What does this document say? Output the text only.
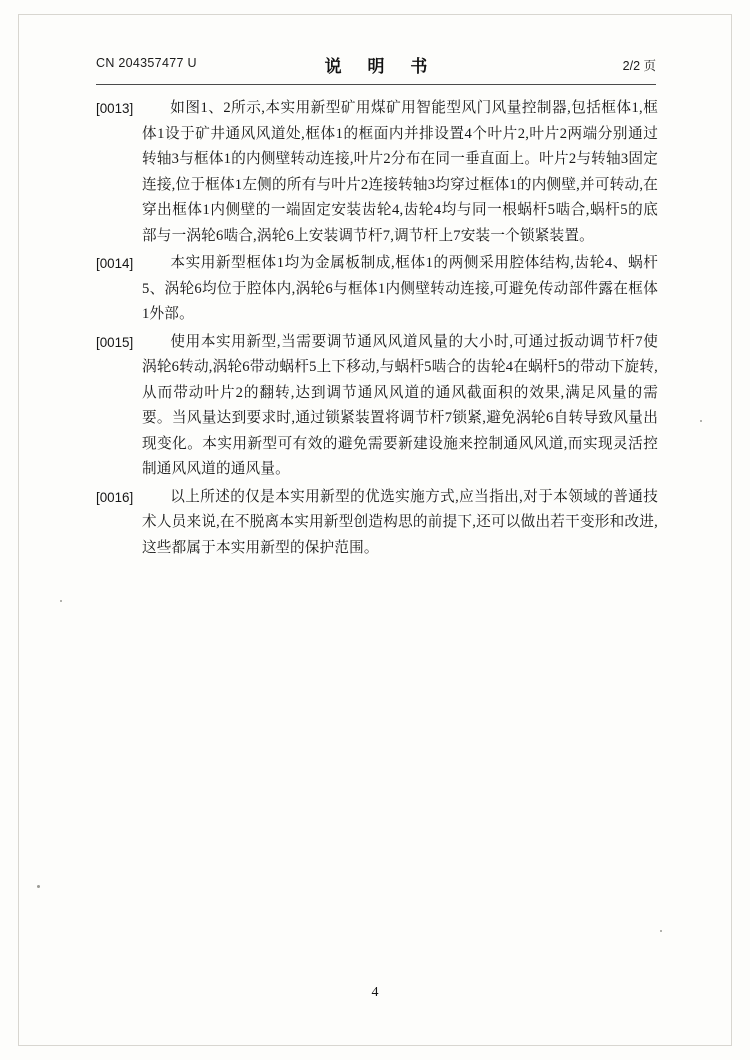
CN 204357477 U	说 明 书	2/2 页

[0013]	如图1、2所示,本实用新型矿用煤矿用智能型风门风量控制器,包括框体1,框体1设于矿井通风风道处,框体1的框面内并排设置4个叶片2,叶片2两端分别通过转轴3与框体1的内侧壁转动连接,叶片2分布在同一垂直面上。叶片2与转轴3固定连接,位于框体1左侧的所有与叶片2连接转轴3均穿过框体1的内侧壁,并可转动,在穿出框体1内侧壁的一端固定安装齿轮4,齿轮4均与同一根蜗杆5啮合,蜗杆5的底部与一涡轮6啮合,涡轮6上安装调节杆7,调节杆上7安装一个锁紧装置。

[0014]	本实用新型框体1均为金属板制成,框体1的两侧采用腔体结构,齿轮4、蜗杆5、涡轮6均位于腔体内,涡轮6与框体1内侧壁转动连接,可避免传动部件露在框体1外部。

[0015]	使用本实用新型,当需要调节通风风道风量的大小时,可通过扳动调节杆7使涡轮6转动,涡轮6带动蜗杆5上下移动,与蜗杆5啮合的齿轮4在蜗杆5的带动下旋转,从而带动叶片2的翻转,达到调节通风风道的通风截面积的效果,满足风量的需要。当风量达到要求时,通过锁紧装置将调节杆7锁紧,避免涡轮6自转导致风量出现变化。本实用新型可有效的避免需要新建设施来控制通风风道,而实现灵活控制通风风道的通风量。

[0016]	以上所述的仅是本实用新型的优选实施方式,应当指出,对于本领域的普通技术人员来说,在不脱离本实用新型创造构思的前提下,还可以做出若干变形和改进,这些都属于本实用新型的保护范围。

4
